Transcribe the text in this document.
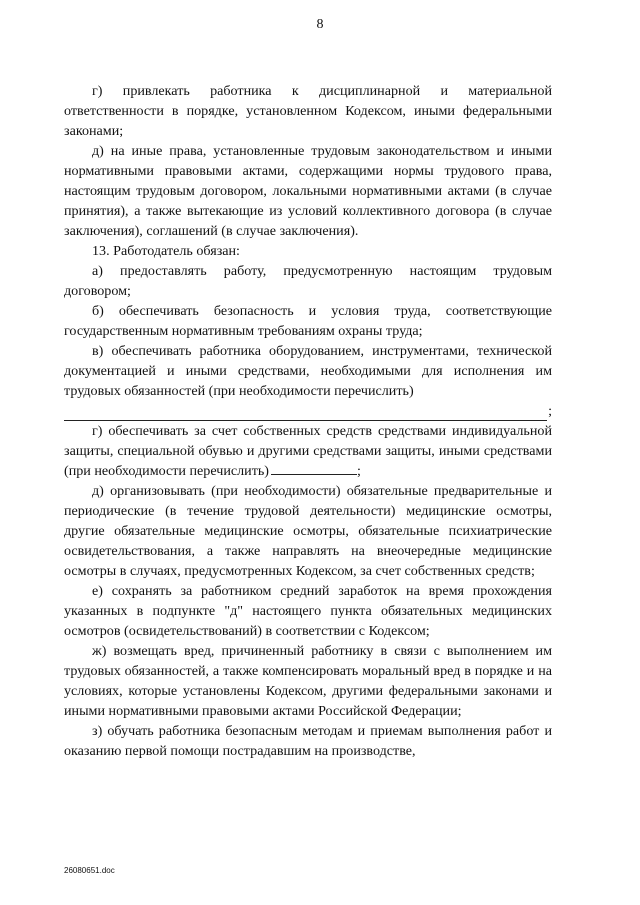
8

г) привлекать работника к дисциплинарной и материальной ответственности в порядке, установленном Кодексом, иными федеральными законами;

д) на иные права, установленные трудовым законодательством и иными нормативными правовыми актами, содержащими нормы трудового права, настоящим трудовым договором, локальными нормативными актами (в случае принятия), а также вытекающие из условий коллективного договора (в случае заключения), соглашений (в случае заключения).

13. Работодатель обязан:

а) предоставлять работу, предусмотренную настоящим трудовым договором;

б) обеспечивать безопасность и условия труда, соответствующие государственным нормативным требованиям охраны труда;

в) обеспечивать работника оборудованием, инструментами, технической документацией и иными средствами, необходимыми для исполнения им трудовых обязанностей (при необходимости перечислить)

;

г) обеспечивать за счет собственных средств средствами индивидуальной защиты, специальной обувью и другими средствами защиты, иными средствами (при необходимости перечислить)	;

д) организовывать (при необходимости) обязательные предварительные и периодические (в течение трудовой деятельности) медицинские осмотры, другие обязательные медицинские осмотры, обязательные психиатрические освидетельствования, а также направлять на внеочередные медицинские осмотры в случаях, предусмотренных Кодексом, за счет собственных средств;

е) сохранять за работником средний заработок на время прохождения указанных в подпункте "д" настоящего пункта обязательных медицинских осмотров (освидетельствований) в соответствии с Кодексом;

ж) возмещать вред, причиненный работнику в связи с выполнением им трудовых обязанностей, а также компенсировать моральный вред в порядке и на условиях, которые установлены Кодексом, другими федеральными законами и иными нормативными правовыми актами Российской Федерации;

з) обучать работника безопасным методам и приемам выполнения работ и оказанию первой помощи пострадавшим на производстве,

26080651.doc
